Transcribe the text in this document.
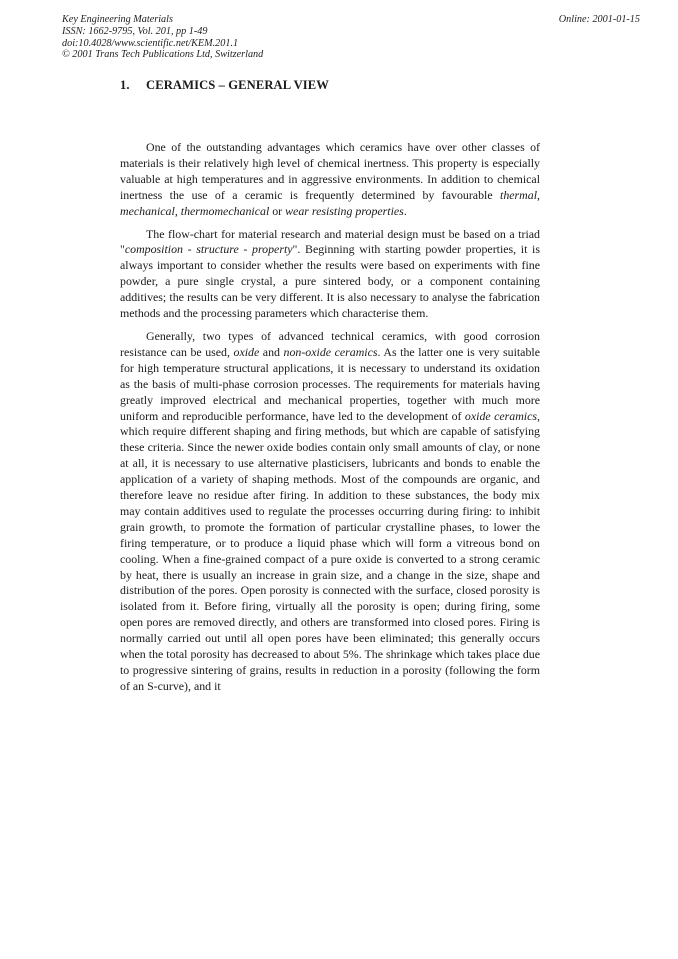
Key Engineering Materials
ISSN: 1662-9795, Vol. 201, pp 1-49
doi:10.4028/www.scientific.net/KEM.201.1
© 2001 Trans Tech Publications Ltd, Switzerland
Online: 2001-01-15
1. CERAMICS – GENERAL VIEW

One of the outstanding advantages which ceramics have over other classes of materials is their relatively high level of chemical inertness. This property is especially valuable at high temperatures and in aggressive environments. In addition to chemical inertness the use of a ceramic is frequently determined by favourable thermal, mechanical, thermomechanical or wear resisting properties.

The flow-chart for material research and material design must be based on a triad "composition - structure - property". Beginning with starting powder properties, it is always important to consider whether the results were based on experiments with fine powder, a pure single crystal, a pure sintered body, or a component containing additives; the results can be very different. It is also necessary to analyse the fabrication methods and the processing parameters which characterise them.

Generally, two types of advanced technical ceramics, with good corrosion resistance can be used, oxide and non-oxide ceramics. As the latter one is very suitable for high temperature structural applications, it is necessary to understand its oxidation as the basis of multi-phase corrosion processes. The requirements for materials having greatly improved electrical and mechanical properties, together with much more uniform and reproducible performance, have led to the development of oxide ceramics, which require different shaping and firing methods, but which are capable of satisfying these criteria. Since the newer oxide bodies contain only small amounts of clay, or none at all, it is necessary to use alternative plasticisers, lubricants and bonds to enable the application of a variety of shaping methods. Most of the compounds are organic, and therefore leave no residue after firing. In addition to these substances, the body mix may contain additives used to regulate the processes occurring during firing: to inhibit grain growth, to promote the formation of particular crystalline phases, to lower the firing temperature, or to produce a liquid phase which will form a vitreous bond on cooling. When a fine-grained compact of a pure oxide is converted to a strong ceramic by heat, there is usually an increase in grain size, and a change in the size, shape and distribution of the pores. Open porosity is connected with the surface, closed porosity is isolated from it. Before firing, virtually all the porosity is open; during firing, some open pores are removed directly, and others are transformed into closed pores. Firing is normally carried out until all open pores have been eliminated; this generally occurs when the total porosity has decreased to about 5%. The shrinkage which takes place due to progressive sintering of grains, results in reduction in a porosity (following the form of an S-curve), and it
